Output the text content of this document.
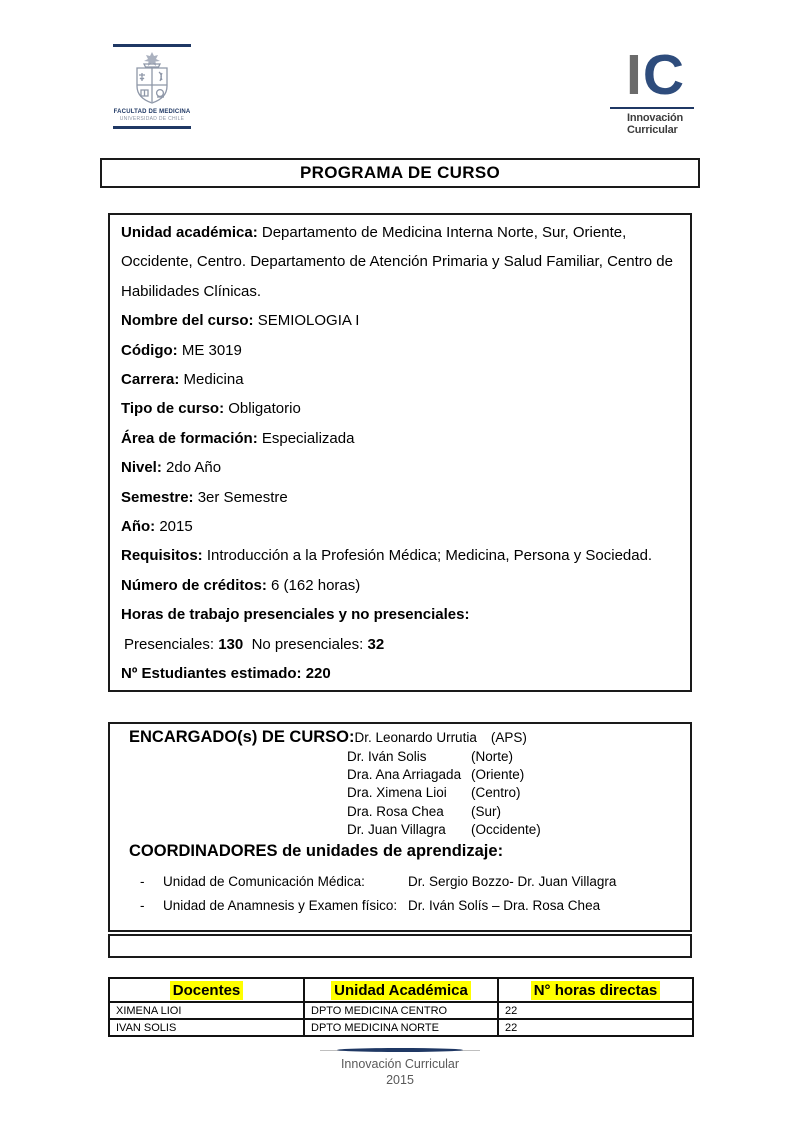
FACULTAD DE MEDICINA
UNIVERSIDAD DE CHILE
IC
Innovación
Curricular
PROGRAMA DE CURSO

Unidad académica: Departamento de Medicina Interna Norte, Sur, Oriente, Occidente, Centro. Departamento de Atención Primaria y Salud Familiar, Centro de Habilidades Clínicas.

Nombre del curso: SEMIOLOGIA I

Código: ME 3019

Carrera: Medicina

Tipo de curso: Obligatorio

Área de formación: Especializada

Nivel: 2do Año

Semestre: 3er Semestre

Año: 2015

Requisitos: Introducción a la Profesión Médica; Medicina, Persona y Sociedad.

Número de créditos: 6 (162 horas)

Horas de trabajo presenciales y no presenciales:

Presenciales: 130 No presenciales: 32

Nº Estudiantes estimado: 220

ENCARGADO(s) DE CURSO:Dr. Leonardo Urrutia (APS)
Dr. Iván Solis	(Norte)
Dra. Ana Arriagada (Oriente)
Dra. Ximena Lioi (Centro)
Dra. Rosa Chea (Sur)
Dr. Juan Villagra (Occidente)
COORDINADORES de unidades de aprendizaje:
- Unidad de Comunicación Médica:	Dr. Sergio Bozzo- Dr. Juan Villagra
- Unidad de Anamnesis y Examen físico: Dr. Iván Solís – Dra. Rosa Chea
Docentes	Unidad Académica	N° horas directas
XIMENA LIOI	DPTO MEDICINA CENTRO	22
IVAN SOLIS	DPTO MEDICINA NORTE	22
Innovación Curricular
2015
